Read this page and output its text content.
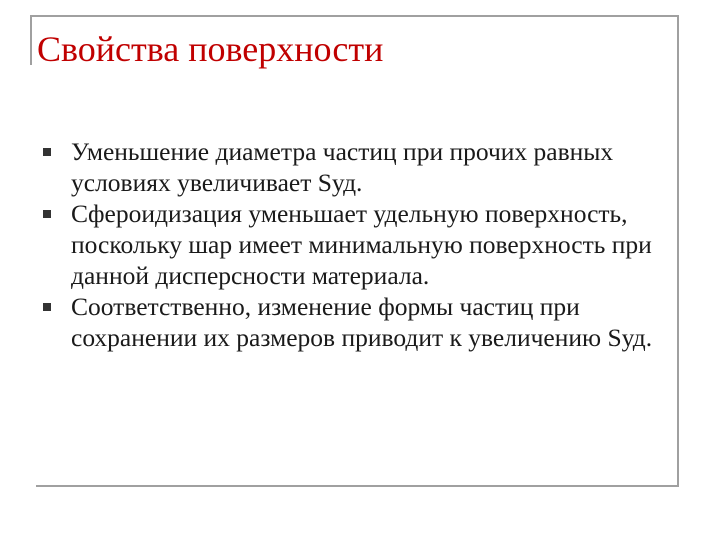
Свойства поверхности
Уменьшение диаметра частиц при прочих равных условиях увеличивает Sуд.
Сфероидизация уменьшает удельную поверхность, поскольку шар имеет минимальную поверхность при данной дисперсности материала.
Соответственно, изменение формы частиц при сохранении их размеров приводит к увеличению Sуд.
